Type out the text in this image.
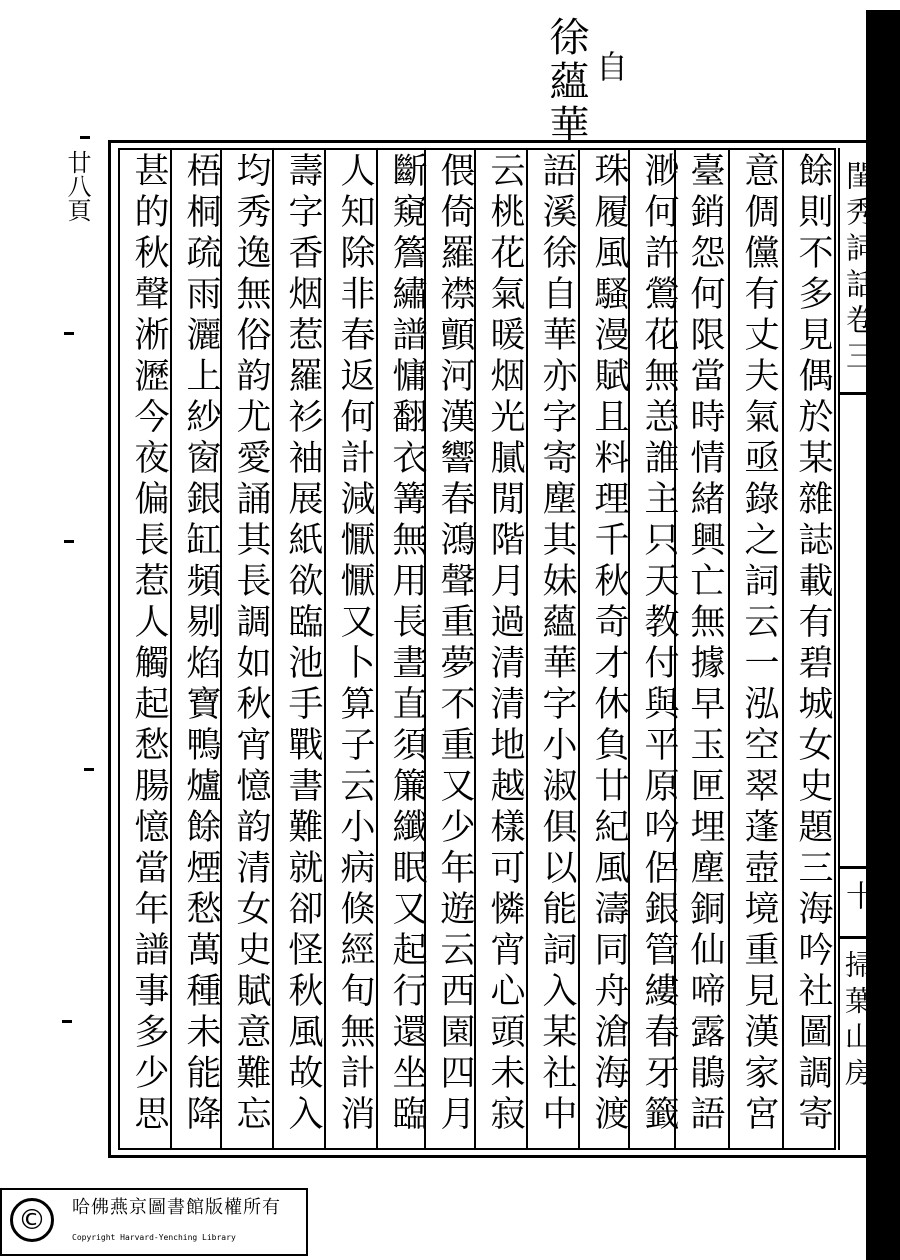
徐蘊華 自
廿八頁	閨秀詞話卷三
十
掃葉山房
餘則不多見偶於某雜誌載有碧城女史題三海吟社圖調寄
意倜儻有丈夫氣亟錄之詞云一泓空翠蓬壺境重見漢家宮
臺銷怨何限當時情緒興亡無據早玉匣埋塵銅仙啼露鵑語
渺何許鶯花無恙誰主只天教付與平原吟侶銀管縷春牙籤
珠履風騷漫賦且料理千秋奇才休負廿紀風濤同舟滄海渡
語溪徐自華亦字寄塵其妹蘊華字小淑俱以能詞入某社中
云桃花氣暖烟光膩閒階月過清清地越樣可憐宵心頭未寂
偎倚羅襟顫河漢響春鴻聲重夢不重又少年遊云西園四月
斷窺簷繡譜慵翻衣篝無用長晝直須簾纖眠又起行還坐臨
人知除非春返何計減懨懨又卜算子云小病倏經旬無計消
壽字香烟惹羅衫袖展紙欲臨池手戰書難就卻怪秋風故入
均秀逸無俗韵尤愛誦其長調如秋宵憶韵清女史賦意難忘
梧桐疏雨灑上紗窗銀缸頻剔焰寶鴨爐餘煙愁萬種未能降
甚的秋聲淅瀝今夜偏長惹人觸起愁腸憶當年譜事多少思
©	哈佛燕京圖書館版權所有
Copyright Harvard-Yenching Library
